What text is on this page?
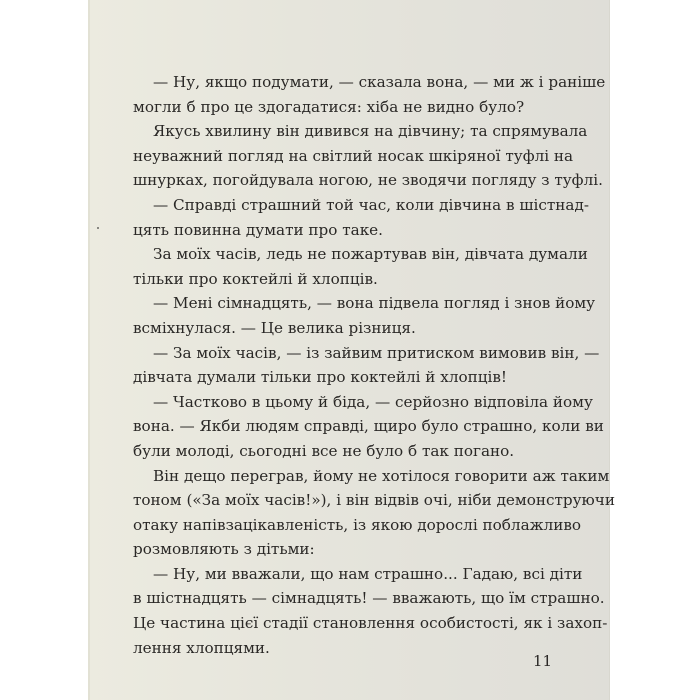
— Ну, якщо подумати, — сказала вона, — ми ж і раніше
могли б про це здогадатися: хіба не видно було?

Якусь хвилину він дивився на дівчину; та спрямувала
неуважний погляд на світлий носак шкіряної туфлі на
шнурках, погойдувала ногою, не зводячи погляду з туфлі.

— Справді страшний той час, коли дівчина в шістнад-
цять повинна думати про таке.

За моїх часів, ледь не пожартував він, дівчата думали
тільки про коктейлі й хлопців.

— Мені сімнадцять, — вона підвела погляд і знов йому
всміхнулася. — Це велика різниця.

— За моїх часів, — із зайвим притиском вимовив він, —
дівчата думали тільки про коктейлі й хлопців!

— Частково в цьому й біда, — серйозно відповіла йому
вона. — Якби людям справді, щиро було страшно, коли ви
були молоді, сьогодні все не було б так погано.

Він дещо переграв, йому не хотілося говорити аж таким
тоном («За моїх часів!»), і він відвів очі, ніби демонструючи
отаку напівзацікавленість, із якою дорослі поблажливо
розмовляють з дітьми:

— Ну, ми вважали, що нам страшно... Гадаю, всі діти
в шістнадцять — сімнадцять! — вважають, що їм страшно.
Це частина цієї стадії становлення особистості, як і захоп-
лення хлопцями.

11
